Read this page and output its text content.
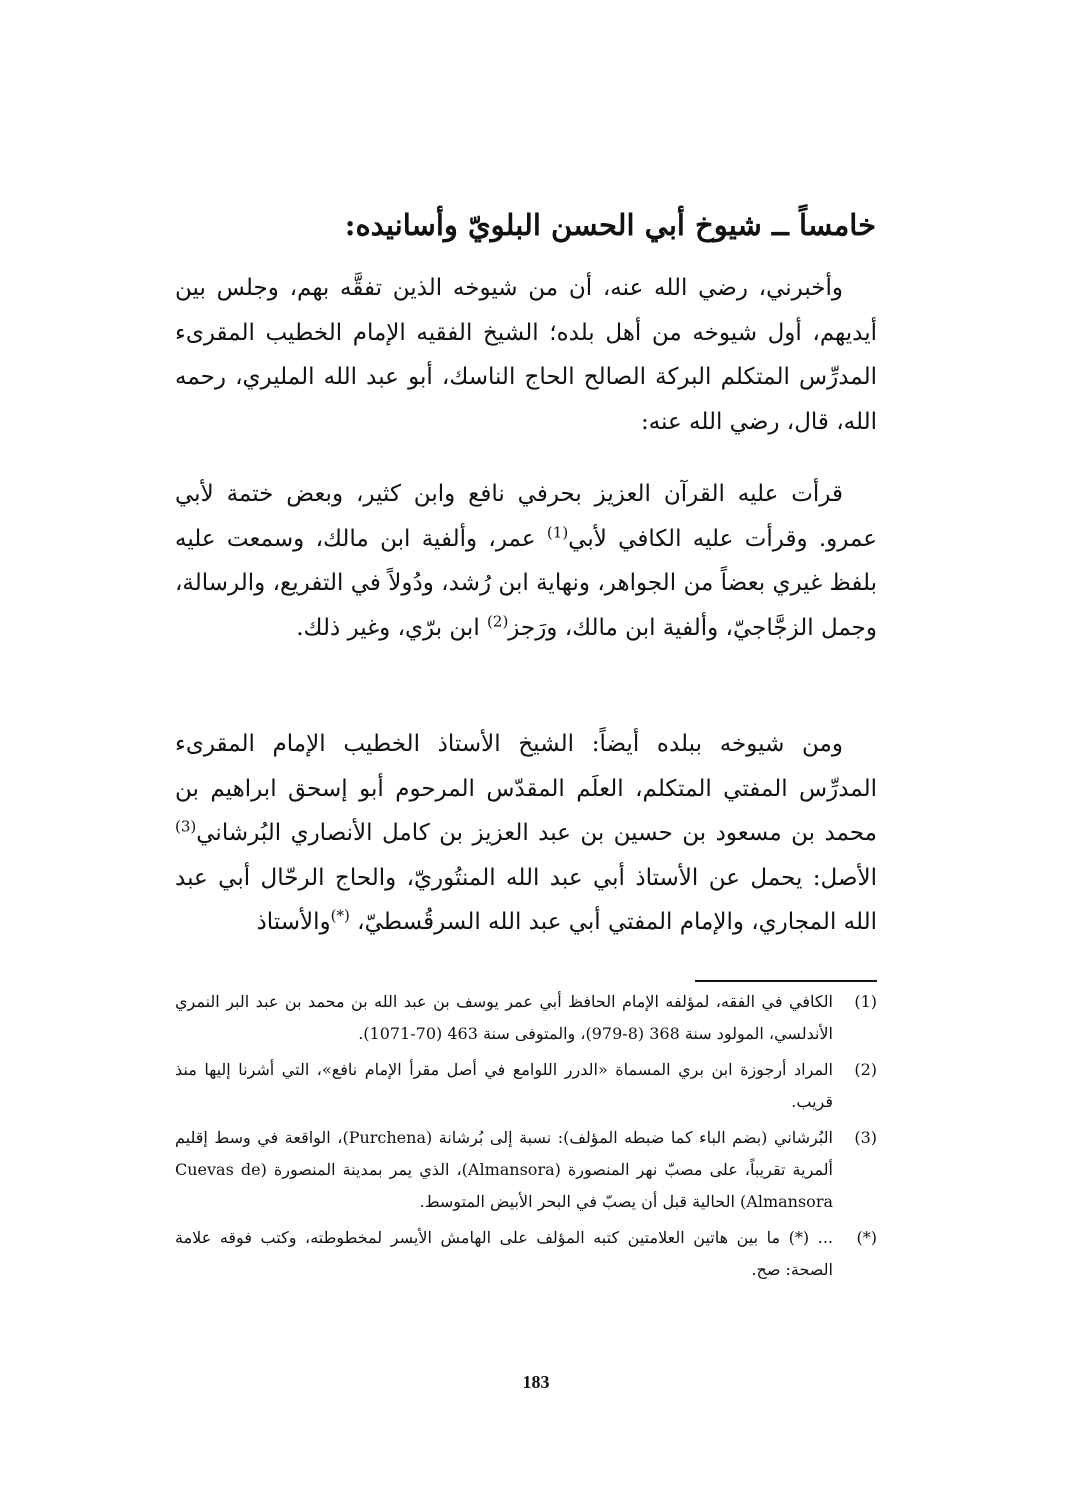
خامساً ــ شيوخ أبي الحسن البلويّ وأسانيده:

وأخبرني، رضي الله عنه، أن من شيوخه الذين تفقَّه بهم، وجلس بين أيديهم، أول شيوخه من أهل بلده؛ الشيخ الفقيه الإمام الخطيب المقرىء المدرِّس المتكلم البركة الصالح الحاج الناسك، أبو عبد الله المليري، رحمه الله، قال، رضي الله عنه:

قرأت عليه القرآن العزيز بحرفي نافع وابن كثير، وبعض ختمة لأبي عمرو. وقرأت عليه الكافي لأبي$^{(1)}$ عمر، وألفية ابن مالك، وسمعت عليه بلفظ غيري بعضاً من الجواهر، ونهاية ابن رُشد، ودُولاً في التفريع، والرسالة، وجمل الزجَّاجيّ، وألفية ابن مالك، ورَجز$^{(2)}$ ابن برّي، وغير ذلك.

ومن شيوخه ببلده أيضاً: الشيخ الأستاذ الخطيب الإمام المقرىء المدرِّس المفتي المتكلم، العلَم المقدّس المرحوم أبو إسحق ابراهيم بن محمد بن مسعود بن حسين بن عبد العزيز بن كامل الأنصاري البُرشاني$^{(3)}$ الأصل: يحمل عن الأستاذ أبي عبد الله المنتُوريّ، والحاج الرحّال أبي عبد الله المجاري، والإمام المفتي أبي عبد الله السرقُسطيّ، (*)والأستاذ

(1)
الكافي في الفقه، لمؤلفه الإمام الحافظ أبي عمر يوسف بن عبد الله بن محمد بن عبد البر النمري الأندلسي، المولود سنة 368 (8-979)، والمتوفى سنة 463 (70-1071).
(2)
المراد أرجوزة ابن بري المسماة «الدرر اللوامع في أصل مقرأ الإمام نافع»، التي أشرنا إليها منذ قريب.
(3)
البُرشاني (بضم الباء كما ضبطه المؤلف): نسبة إلى بُرشانة (Purchena)، الواقعة في وسط إقليم ألمرية تقريباً، على مصبّ نهر المنصورة (Almansora)، الذي يمر بمدينة المنصورة (Cuevas de Almansora) الحالية قبل أن يصبّ في البحر الأبيض المتوسط.
(*)
... (*) ما بين هاتين العلامتين كتبه المؤلف على الهامش الأيسر لمخطوطته، وكتب فوقه علامة الصحة: صح.
183
